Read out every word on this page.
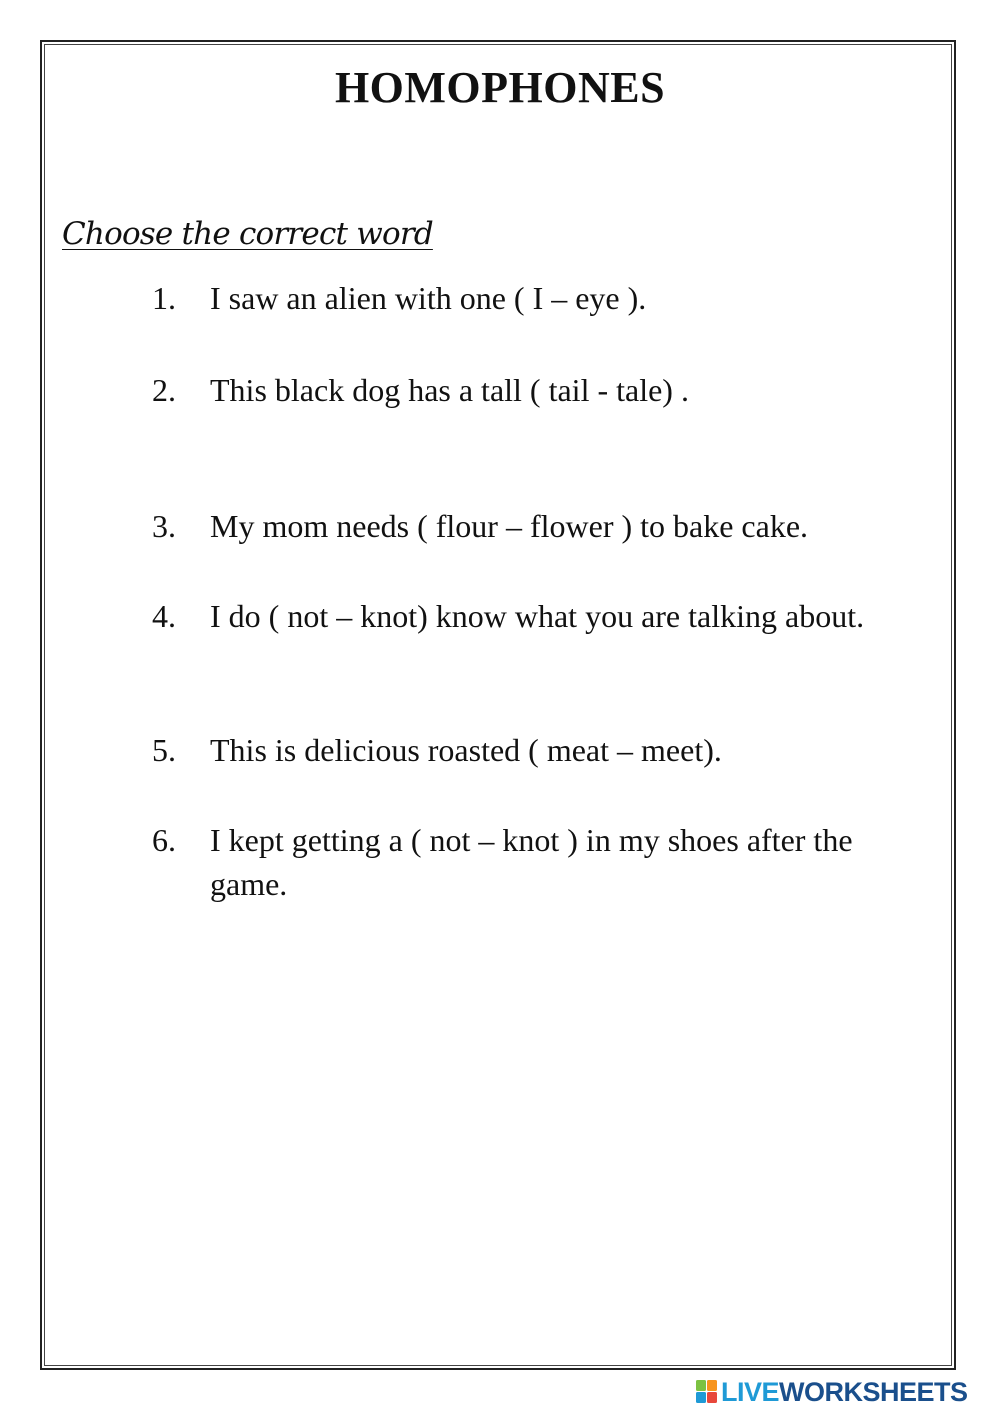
HOMOPHONES

Choose the correct word

1.	I saw an alien with one ( I – eye ).
2.	This black dog has a tall ( tail - tale) .
3.	My mom needs ( flour – flower ) to bake cake.
4.	I do ( not – knot) know what you are talking about.
5.	This is delicious roasted ( meat – meet).
6.	I kept getting a ( not – knot ) in my shoes after the game.
LIVEWORKSHEETS
